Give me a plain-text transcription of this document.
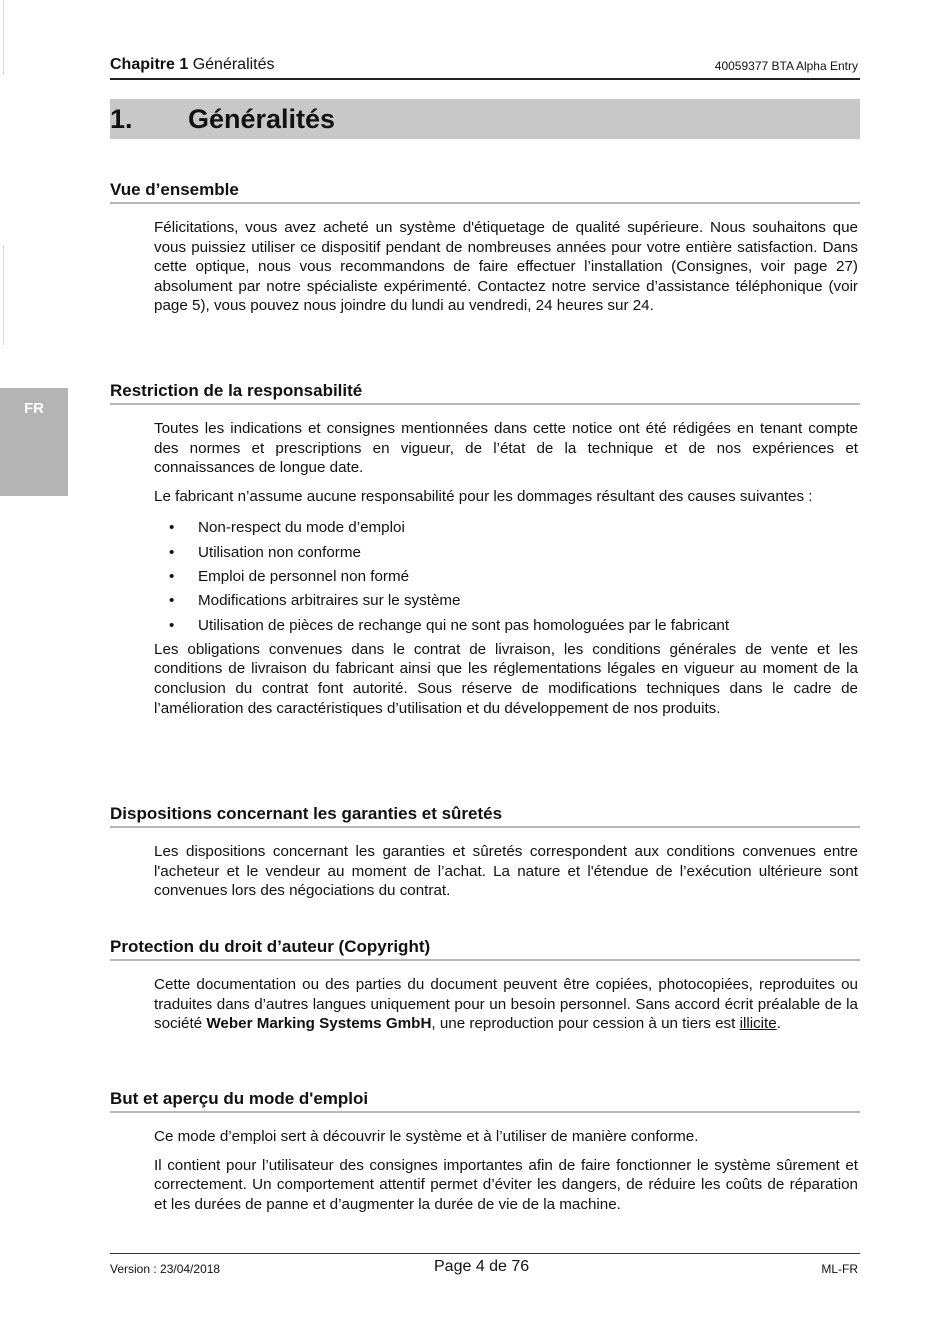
FR
Chapitre 1 Généralités	40059377 BTA Alpha Entry
1. Généralités
Vue d’ensemble

Félicitations, vous avez acheté un système d'étiquetage de qualité supérieure. Nous souhaitons que vous puissiez utiliser ce dispositif pendant de nombreuses années pour votre entière satisfaction. Dans cette optique, nous vous recommandons de faire effectuer l’installation (Consignes, voir page 27) absolument par notre spécialiste expérimenté. Contactez notre service d’assistance téléphonique (voir page 5), vous pouvez nous joindre du lundi au vendredi, 24 heures sur 24.

Restriction de la responsabilité

Toutes les indications et consignes mentionnées dans cette notice ont été rédigées en tenant compte des normes et prescriptions en vigueur, de l’état de la technique et de nos expériences et connaissances de longue date.

Le fabricant n’assume aucune responsabilité pour les dommages résultant des causes suivantes :

• Non-respect du mode d’emploi
• Utilisation non conforme
• Emploi de personnel non formé
• Modifications arbitraires sur le système
• Utilisation de pièces de rechange qui ne sont pas homologuées par le fabricant

Les obligations convenues dans le contrat de livraison, les conditions générales de vente et les conditions de livraison du fabricant ainsi que les réglementations légales en vigueur au moment de la conclusion du contrat font autorité. Sous réserve de modifications techniques dans le cadre de l’amélioration des caractéristiques d’utilisation et du développement de nos produits.

Dispositions concernant les garanties et sûretés

Les dispositions concernant les garanties et sûretés correspondent aux conditions convenues entre l'acheteur et le vendeur au moment de l’achat. La nature et l'étendue de l’exécution ultérieure sont convenues lors des négociations du contrat.

Protection du droit d’auteur (Copyright)

Cette documentation ou des parties du document peuvent être copiées, photocopiées, reproduites ou traduites dans d’autres langues uniquement pour un besoin personnel. Sans accord écrit préalable de la société Weber Marking Systems GmbH, une reproduction pour cession à un tiers est illicite.

But et aperçu du mode d'emploi

Ce mode d’emploi sert à découvrir le système et à l’utiliser de manière conforme.

Il contient pour l’utilisateur des consignes importantes afin de faire fonctionner le système sûrement et correctement. Un comportement attentif permet d’éviter les dangers, de réduire les coûts de réparation et les durées de panne et d’augmenter la durée de vie de la machine.

Version : 23/04/2018	Page 4 de 76	ML-FR
